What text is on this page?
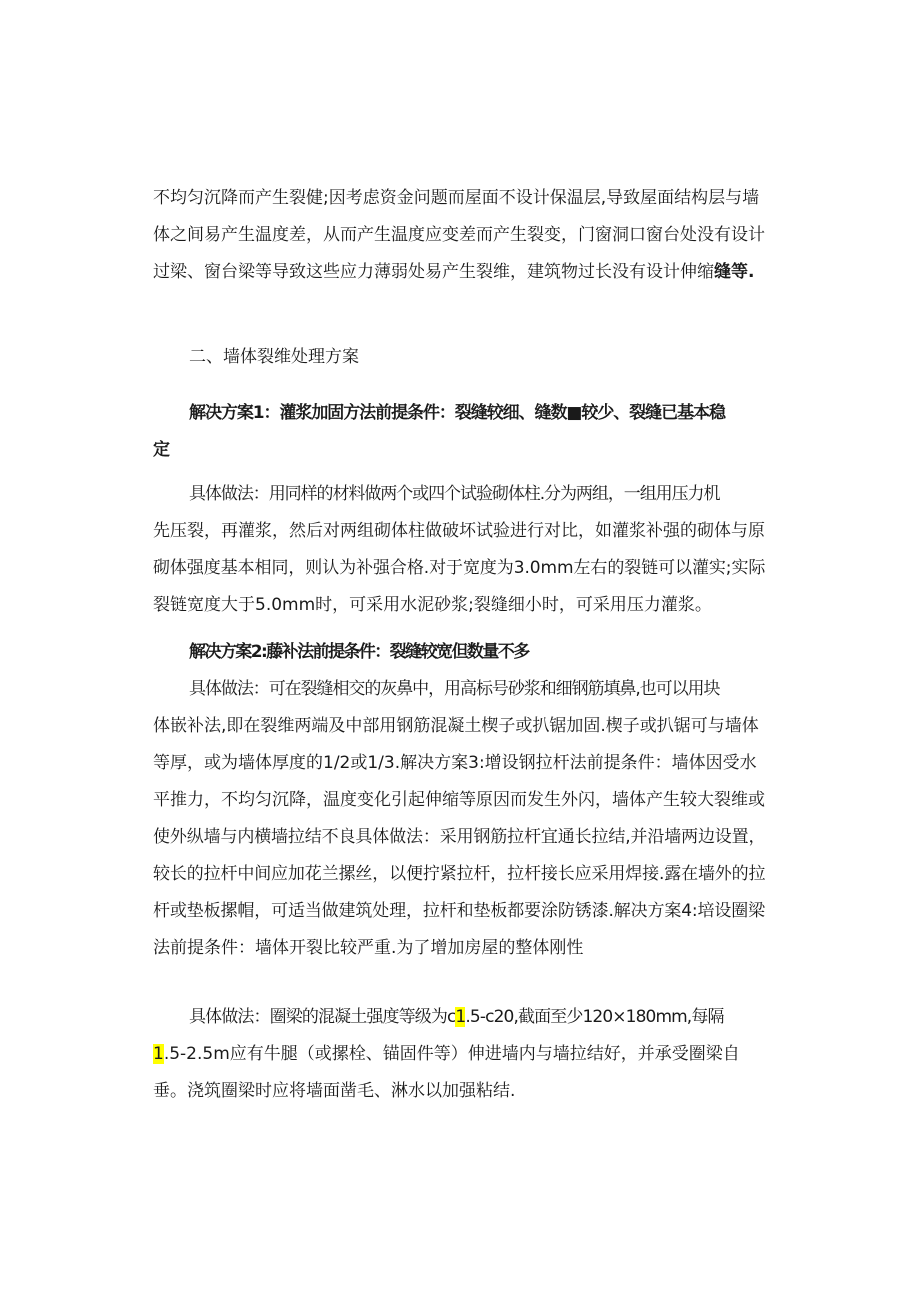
不均匀沉降而产生裂健;因考虑资金问题而屋面不设计保温层,导致屋面结构层与墙
体之间易产生温度差，从而产生温度应变差而产生裂变，门窗洞口窗台处没有设计
过梁、窗台梁等导致这些应力薄弱处易产生裂维，建筑物过长没有设计伸缩缝等.
二、墙体裂维处理方案
解决方案1：灌浆加固方法前提条件：裂缝较细、缝数■较少、裂缝已基本稳
定
具体做法：用同样的材料做两个或四个试验砌体柱.分为两组，一组用压力机
先压裂，再灌浆，然后对两组砌体柱做破坏试验进行对比，如灌浆补强的砌体与原
砌体强度基本相同，则认为补强合格.对于宽度为3.0mm左右的裂链可以灌实;实际
裂链宽度大于5.0mm时，可采用水泥砂浆;裂缝细小时，可采用压力灌浆。
解决方案2:藤补法前提条件：裂缝较宽但数量不多
具体做法：可在裂缝相交的灰鼻中，用高标号砂浆和细钢筋填鼻,也可以用块
体嵌补法,即在裂维两端及中部用钢筋混凝土楔子或扒锯加固.楔子或扒锯可与墙体
等厚，或为墙体厚度的1/2或1/3.解决方案3:增设钢拉杆法前提条件：墙体因受水
平推力，不均匀沉降，温度变化引起伸缩等原因而发生外闪，墙体产生较大裂维或
使外纵墙与内横墙拉结不良具体做法：采用钢筋拉杆宜通长拉结,并沿墙两边设置，
较长的拉杆中间应加花兰摞丝，以便拧紧拉杆，拉杆接长应采用焊接.露在墙外的拉
杆或垫板摞帽，可适当做建筑处理，拉杆和垫板都要涂防锈漆.解决方案4:培设圈梁
法前提条件：墙体开裂比较严重.为了增加房屋的整体刚性
具体做法：圈梁的混凝土强度等级为c1.5-c20,截面至少120×180mm,每隔
1.5-2.5m应有牛腿（或摞栓、锚固件等）伸进墙内与墙拉结好，并承受圈梁自
垂。浇筑圈梁时应将墙面凿毛、淋水以加强粘结.
